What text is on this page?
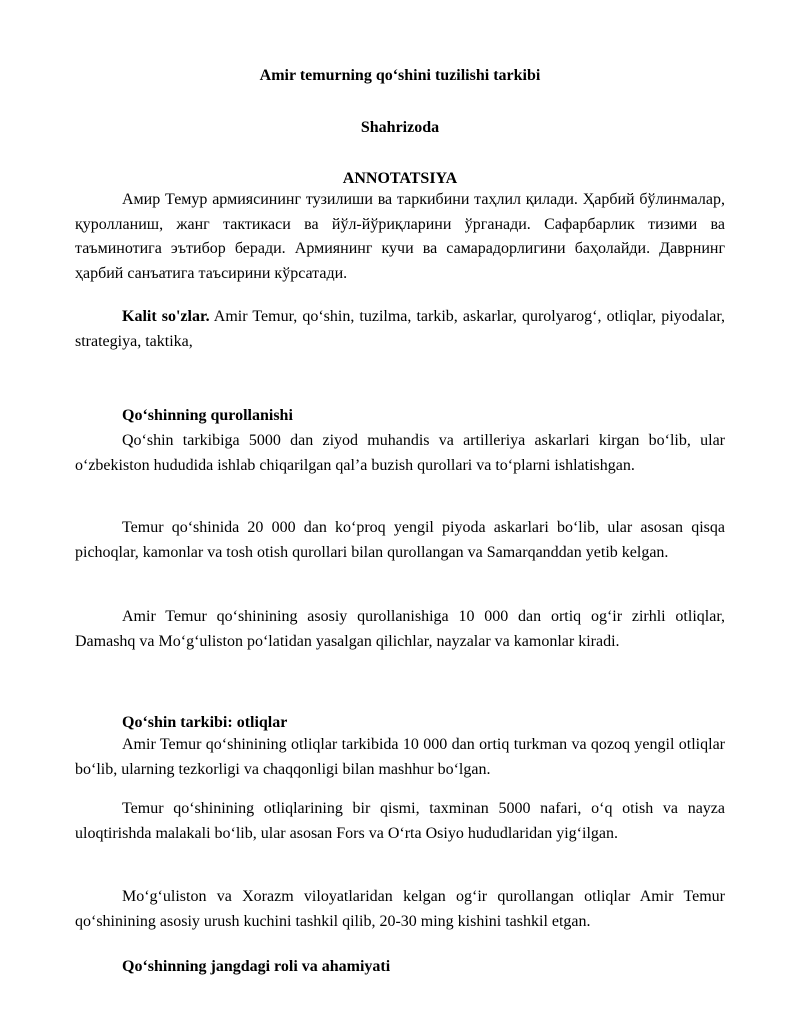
Amir temurning qo‘shini tuzilishi tarkibi
Shahrizoda
ANNOTATSIYA

Амир Темур армиясининг тузилиши ва таркибини таҳлил қилади. Ҳарбий бўлинмалар, қуролланиш, жанг тактикаси ва йўл-йўриқларини ўрганади. Сафарбарлик тизими ва таъминотига эътибор беради. Армиянинг кучи ва самарадорлигини баҳолайди. Даврнинг ҳарбий санъатига таъсирини кўрсатади.

Kalit so'zlar. Amir Temur, qo‘shin, tuzilma, tarkib, askarlar, qurolyarog‘, otliqlar, piyodalar, strategiya, taktika,

Qo‘shinning qurollanishi

Qo‘shin tarkibiga 5000 dan ziyod muhandis va artilleriya askarlari kirgan bo‘lib, ular o‘zbekiston hududida ishlab chiqarilgan qal’a buzish qurollari va to‘plarni ishlatishgan.

Temur qo‘shinida 20 000 dan ko‘proq yengil piyoda askarlari bo‘lib, ular asosan qisqa pichoqlar, kamonlar va tosh otish qurollari bilan qurollangan va Samarqanddan yetib kelgan.

Amir Temur qo‘shinining asosiy qurollanishiga 10 000 dan ortiq og‘ir zirhli otliqlar, Damashq va Mo‘g‘uliston po‘latidan yasalgan qilichlar, nayzalar va kamonlar kiradi.

Qo‘shin tarkibi: otliqlar

Amir Temur qo‘shinining otliqlar tarkibida 10 000 dan ortiq turkman va qozoq yengil otliqlar bo‘lib, ularning tezkorligi va chaqqonligi bilan mashhur bo‘lgan.

Temur qo‘shinining otliqlarining bir qismi, taxminan 5000 nafari, o‘q otish va nayza uloqtirishda malakali bo‘lib, ular asosan Fors va O‘rta Osiyo hududlaridan yig‘ilgan.

Mo‘g‘uliston va Xorazm viloyatlaridan kelgan og‘ir qurollangan otliqlar Amir Temur qo‘shinining asosiy urush kuchini tashkil qilib, 20-30 ming kishini tashkil etgan.

Qo‘shinning jangdagi roli va ahamiyati
